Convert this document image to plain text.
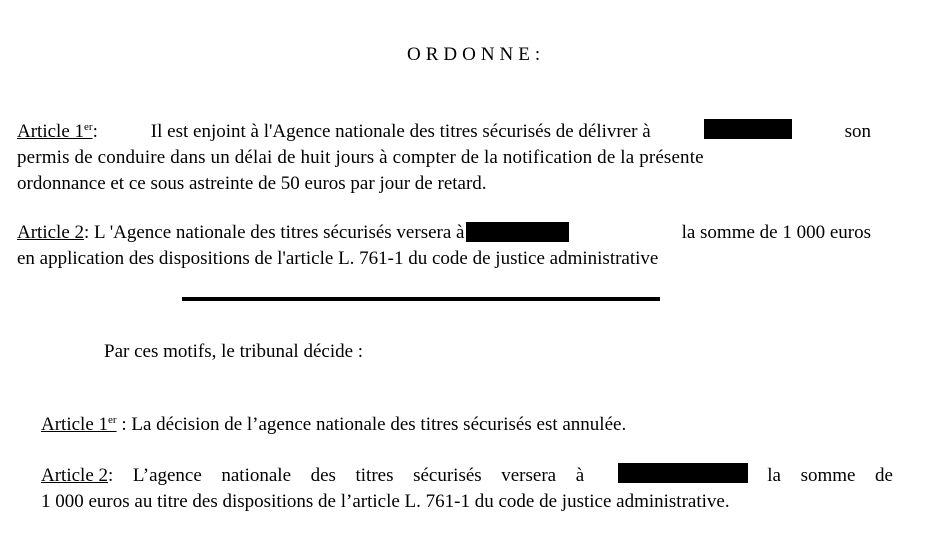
ORDONNE:
Article 1er:	Il est enjoint à l'Agence nationale des titres sécurisés de délivrer à	son
permis de conduire dans un délai de huit jours à compter de la notification de la présente
ordonnance et ce sous astreinte de 50 euros par jour de retard.
Article 2: L 'Agence nationale des titres sécurisés versera à	la somme de 1 000 euros
en application des dispositions de l'article L. 761-1 du code de justice administrative
Par ces motifs, le tribunal décide :
Article 1er : La décision de l’agence nationale des titres sécurisés est annulée.
Article 2: L’agence nationale des titres sécurisés versera à	la somme de
1 000 euros au titre des dispositions de l’article L. 761-1 du code de justice administrative.
